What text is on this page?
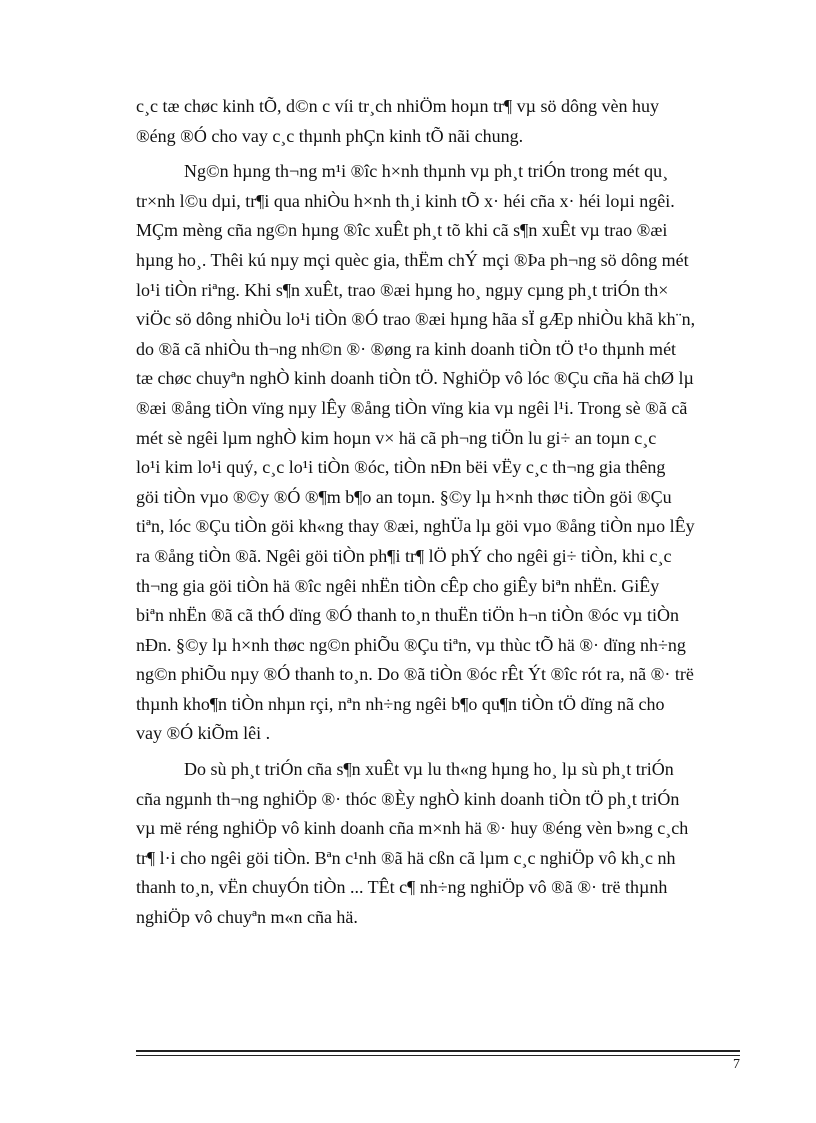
c¸c tæ chøc kinh tÕ, d©n c víi tr¸ch nhiÖm hoµn tr¶ vµ sö dông vèn huy
®éng ®Ó cho vay c¸c thµnh phÇn kinh tÕ nãi chung.

Ng©n hµng th¬ng m¹i ®îc h×nh thµnh vµ ph¸t triÓn trong mét qu¸
tr×nh l©u dµi, tr¶i qua nhiÒu h×nh th¸i kinh tÕ x· héi cña x· héi loµi ngêi.
MÇm mèng cña ng©n hµng ®îc xuÊt ph¸t tõ khi cã s¶n xuÊt vµ trao ®æi
hµng ho¸. Thêi kú nµy mçi quèc gia, thËm chÝ mçi ®Þa ph¬ng sö dông mét
lo¹i tiÒn riªng. Khi s¶n xuÊt, trao ®æi hµng ho¸ ngµy cµng ph¸t triÓn th×
viÖc sö dông nhiÒu lo¹i tiÒn ®Ó trao ®æi hµng hãa sÏ gÆp nhiÒu khã kh¨n,
do ®ã cã nhiÒu th¬ng nh©n ®· ®øng ra kinh doanh tiÒn tÖ t¹o thµnh mét
tæ chøc chuyªn nghÒ kinh doanh tiÒn tÖ. NghiÖp vô lóc ®Çu cña hä chØ lµ
®æi ®ång tiÒn vïng nµy lÊy ®ång tiÒn vïng kia vµ ngêi l¹i. Trong sè ®ã cã
mét sè ngêi lµm nghÒ kim hoµn v× hä cã ph¬ng tiÖn lu gi÷ an toµn c¸c
lo¹i kim lo¹i quý, c¸c lo¹i tiÒn ®óc, tiÒn nÐn bëi vËy c¸c th¬ng gia thêng
göi tiÒn vµo ®©y ®Ó ®¶m b¶o an toµn. §©y lµ h×nh thøc tiÒn göi ®Çu
tiªn, lóc ®Çu tiÒn göi kh«ng thay ®æi, nghÜa lµ göi vµo ®ång tiÒn nµo lÊy
ra ®ång tiÒn ®ã. Ngêi göi tiÒn ph¶i tr¶ lÖ phÝ cho ngêi gi÷ tiÒn, khi c¸c
th¬ng gia göi tiÒn hä ®îc ngêi nhËn tiÒn cÊp cho giÊy biªn nhËn. GiÊy
biªn nhËn ®ã cã thÓ dïng ®Ó thanh to¸n thuËn tiÖn h¬n tiÒn ®óc vµ tiÒn
nÐn. §©y lµ h×nh thøc ng©n phiÕu ®Çu tiªn, vµ thùc tÕ hä ®· dïng nh÷ng
ng©n phiÕu nµy ®Ó thanh to¸n. Do ®ã tiÒn ®óc rÊt Ýt ®îc rót ra, nã ®· trë
thµnh kho¶n tiÒn nhµn rçi, nªn nh÷ng ngêi b¶o qu¶n tiÒn tÖ dïng nã cho
vay ®Ó kiÕm lêi .

Do sù ph¸t triÓn cña s¶n xuÊt vµ lu th«ng hµng ho¸ lµ sù ph¸t triÓn
cña ngµnh th¬ng nghiÖp ®· thóc ®Èy nghÒ kinh doanh tiÒn tÖ ph¸t triÓn
vµ më réng nghiÖp vô kinh doanh cña m×nh hä ®· huy ®éng vèn b»ng c¸ch
tr¶ l·i cho ngêi göi tiÒn. Bªn c¹nh ®ã hä cßn cã lµm c¸c nghiÖp vô kh¸c nh
thanh to¸n, vËn chuyÓn tiÒn ... TÊt c¶ nh÷ng nghiÖp vô ®ã ®· trë thµnh
nghiÖp vô chuyªn m«n cña hä.

7
